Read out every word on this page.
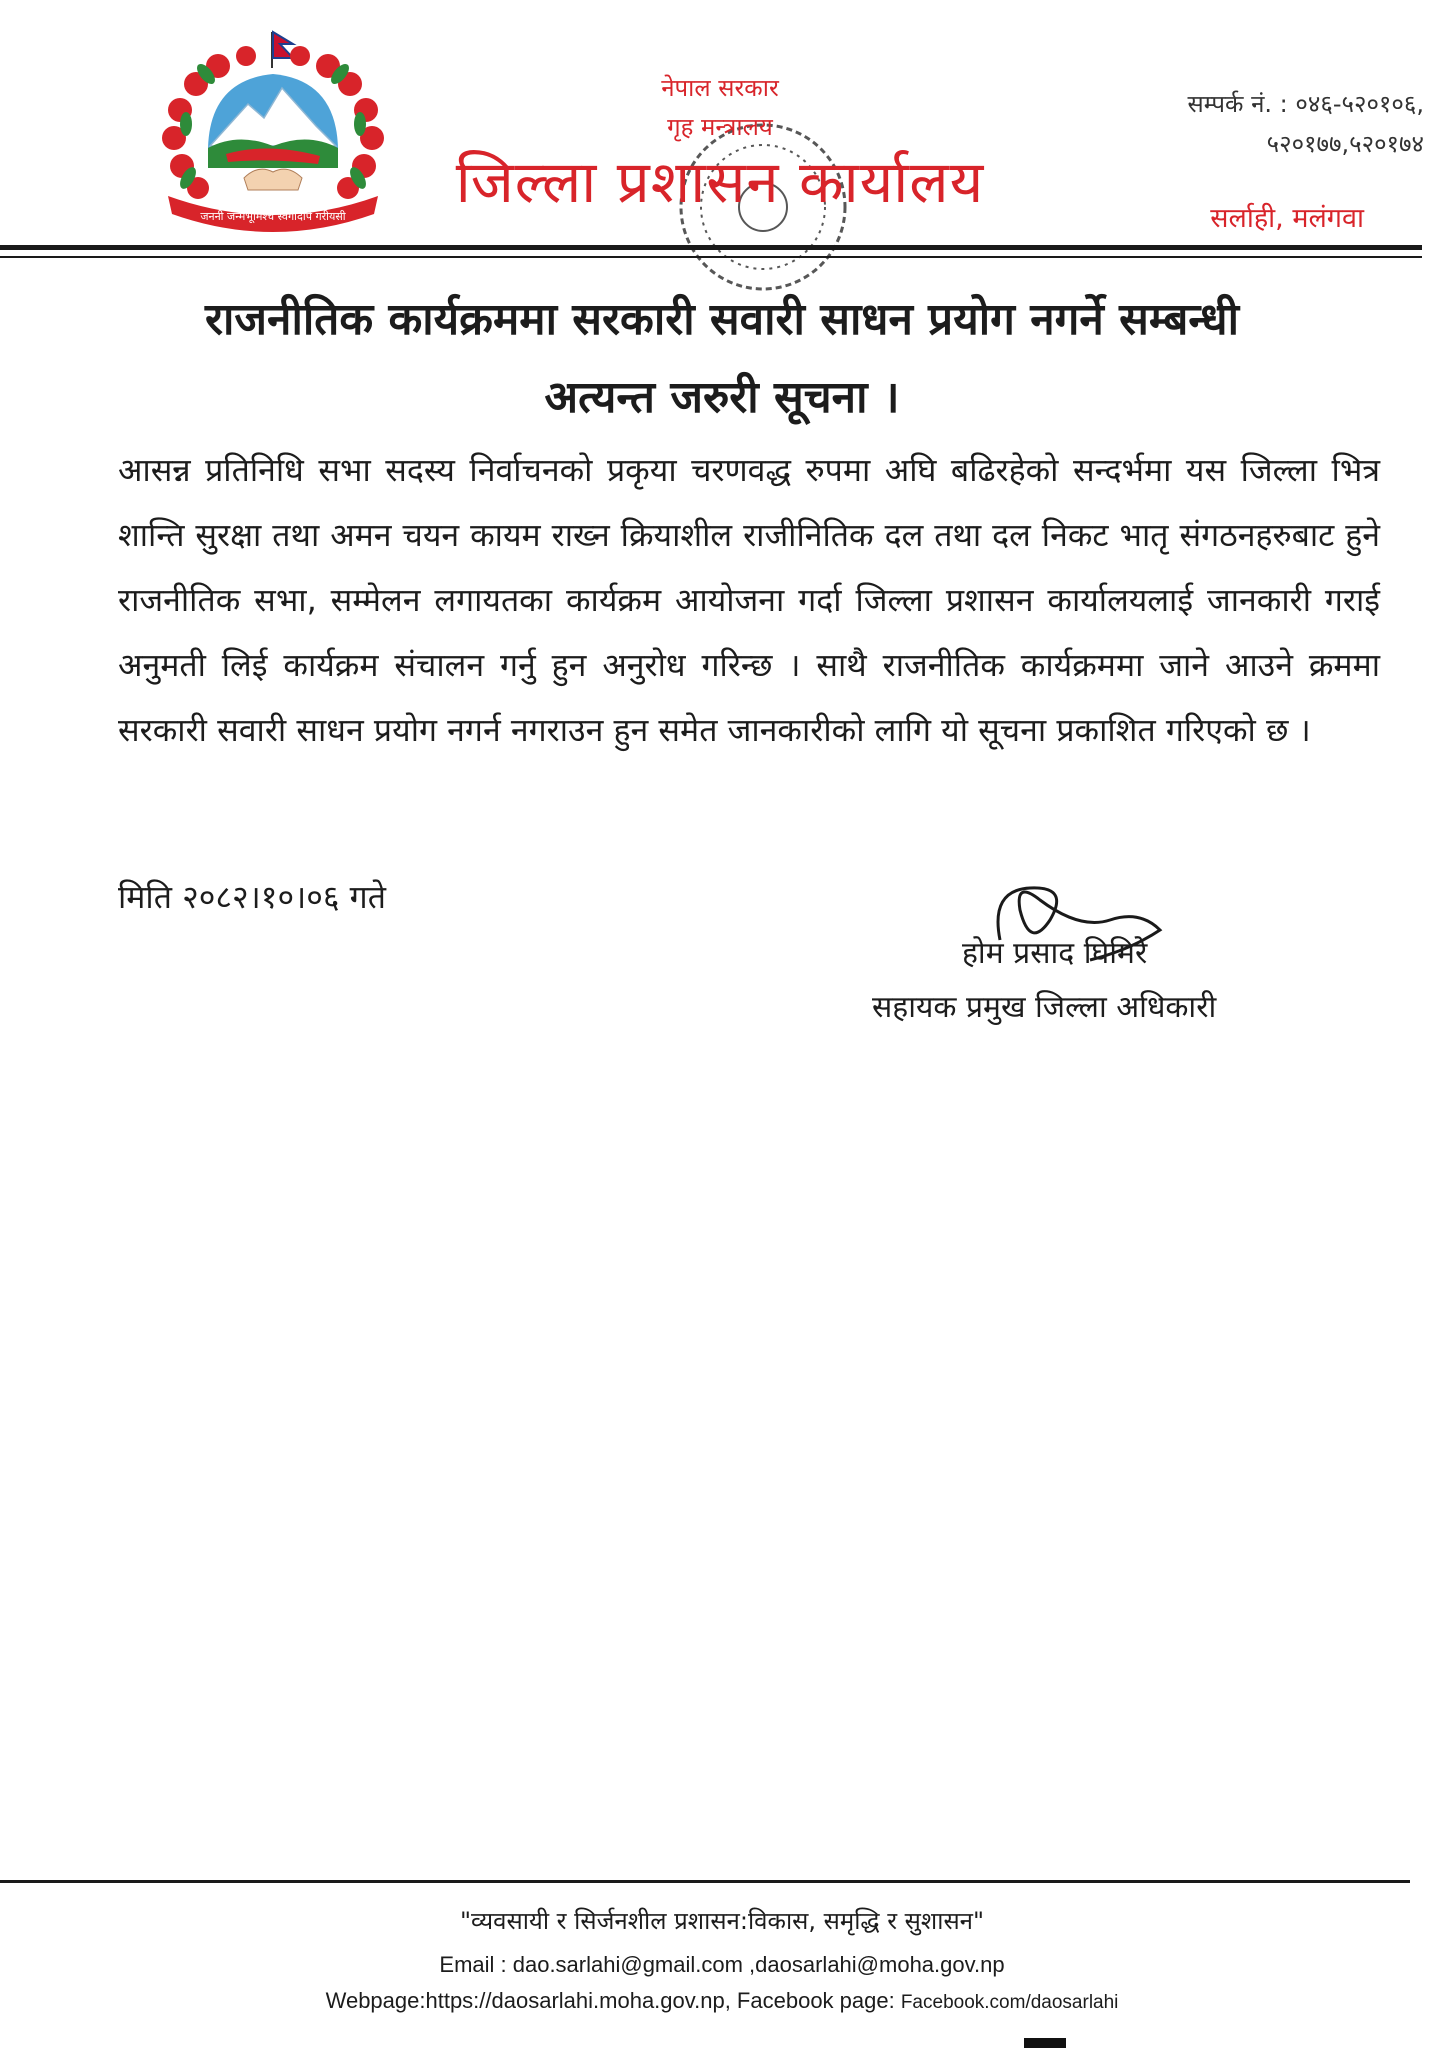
जननी जन्मभूमिश्च स्वर्गादपि गरीयसी
नेपाल सरकार
गृह मन्त्रालय
जिल्ला प्रशासन कार्यालय
सम्पर्क नं. : ०४६-५२०१०६,
५२०१७७,५२०१७४
सर्लाही, मलंगवा
राजनीतिक कार्यक्रममा सरकारी सवारी साधन प्रयोग नगर्ने सम्बन्धी
अत्यन्त जरुरी सूचना ।
आसन्न प्रतिनिधि सभा सदस्य निर्वाचनको प्रकृया चरणवद्ध रुपमा अघि बढिरहेको सन्दर्भमा यस जिल्ला भित्र शान्ति सुरक्षा तथा अमन चयन कायम राख्न क्रियाशील राजीनितिक दल तथा दल निकट भातृ संगठनहरुबाट हुने राजनीतिक सभा, सम्मेलन लगायतका कार्यक्रम आयोजना गर्दा जिल्ला प्रशासन कार्यालयलाई जानकारी गराई अनुमती लिई कार्यक्रम संचालन गर्नु हुन अनुरोध गरिन्छ । साथै राजनीतिक कार्यक्रममा जाने आउने क्रममा सरकारी सवारी साधन प्रयोग नगर्न नगराउन हुन समेत जानकारीको लागि यो सूचना प्रकाशित गरिएको छ ।
मिति २०८२।१०।०६ गते
होम प्रसाद घिमिरे
सहायक प्रमुख जिल्ला अधिकारी
"व्यवसायी र सिर्जनशील प्रशासन:विकास, समृद्धि र सुशासन"
Email : dao.sarlahi@gmail.com ,daosarlahi@moha.gov.np
Webpage:https://daosarlahi.moha.gov.np, Facebook page: Facebook.com/daosarlahi
